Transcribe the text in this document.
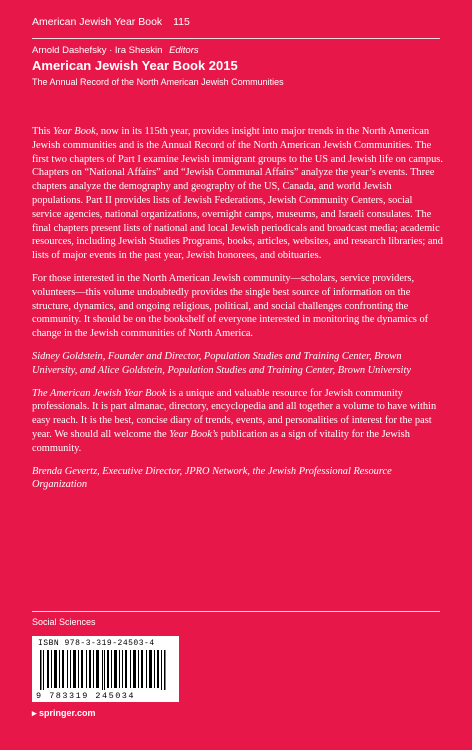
American Jewish Year Book 115
Arnold Dashefsky · Ira Sheskin Editors
American Jewish Year Book 2015
The Annual Record of the North American Jewish Communities

This Year Book, now in its 115th year, provides insight into major trends in the North American Jewish communities and is the Annual Record of the North American Jewish Communities. The first two chapters of Part I examine Jewish immigrant groups to the US and Jewish life on campus. Chapters on “National Affairs” and “Jewish Communal Affairs” analyze the year’s events. Three chapters analyze the demography and geography of the US, Canada, and world Jewish populations. Part II provides lists of Jewish Federations, Jewish Community Centers, social service agencies, national organizations, overnight camps, museums, and Israeli consulates. The final chapters present lists of national and local Jewish periodicals and broadcast media; academic resources, including Jewish Studies Programs, books, articles, websites, and research libraries; and lists of major events in the past year, Jewish honorees, and obituaries.

For those interested in the North American Jewish community—scholars, service providers, volunteers—this volume undoubtedly provides the single best source of information on the structure, dynamics, and ongoing religious, political, and social challenges confronting the community. It should be on the bookshelf of everyone interested in monitoring the dynamics of change in the Jewish communities of North America.

Sidney Goldstein, Founder and Director, Population Studies and Training Center, Brown University, and Alice Goldstein, Population Studies and Training Center, Brown University

The American Jewish Year Book is a unique and valuable resource for Jewish community professionals. It is part almanac, directory, encyclopedia and all together a volume to have within easy reach. It is the best, concise diary of trends, events, and personalities of interest for the past year. We should all welcome the Year Book’s publication as a sign of vitality for the Jewish community.

Brenda Gevertz, Executive Director, JPRO Network, the Jewish Professional Resource Organization

Social Sciences
ISBN 978-3-319-24503-4
9 783319 245034
▸ springer.com
